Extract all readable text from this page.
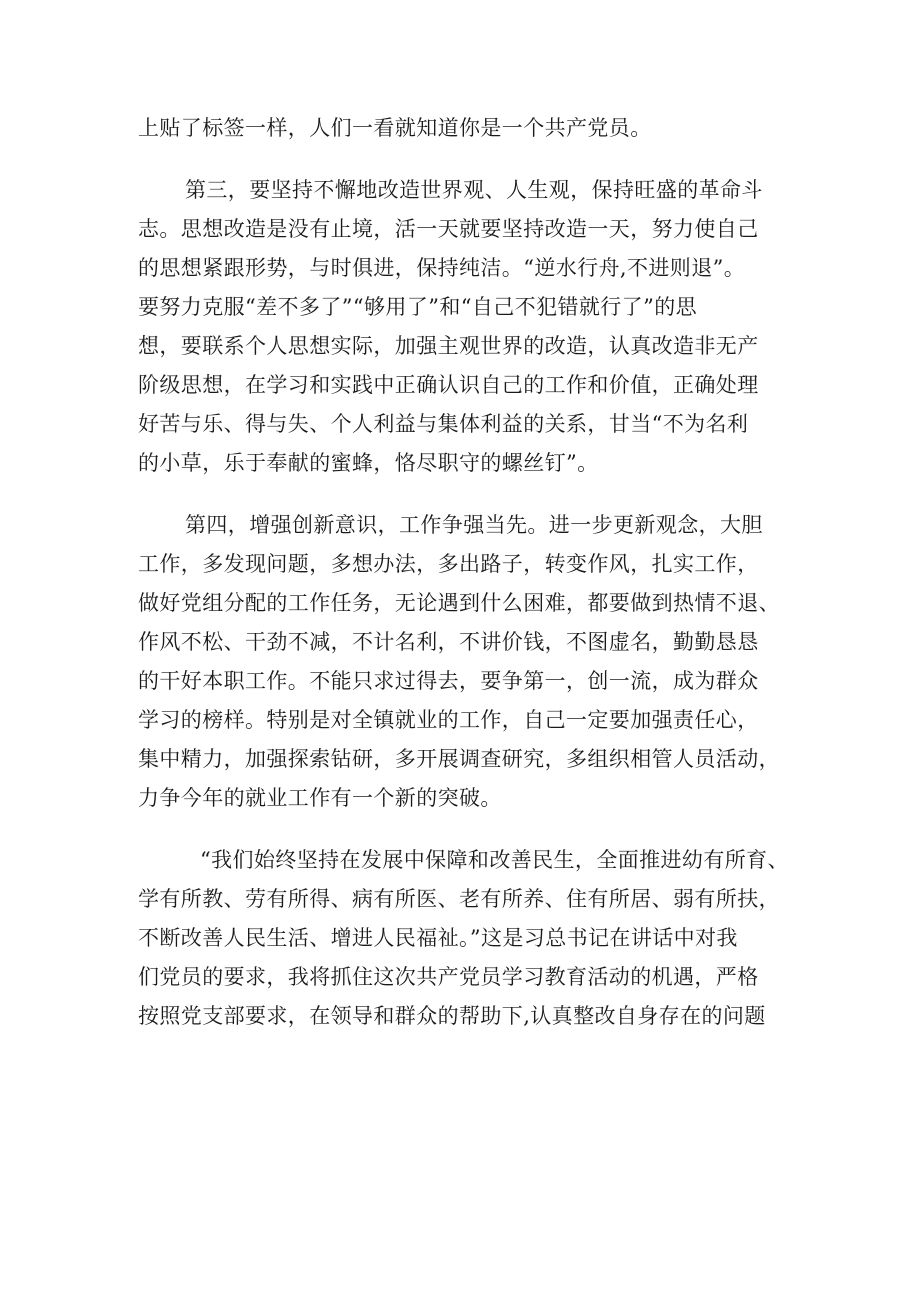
上贴了标签一样，人们一看就知道你是一个共产党员。
第三，要坚持不懈地改造世界观、人生观，保持旺盛的革命斗
志。思想改造是没有止境，活一天就要坚持改造一天，努力使自己
的思想紧跟形势，与时俱进，保持纯洁。“逆水行舟,不进则退”。
要努力克服“差不多了”“够用了”和“自己不犯错就行了”的思
想，要联系个人思想实际，加强主观世界的改造，认真改造非无产
阶级思想，在学习和实践中正确认识自己的工作和价值，正确处理
好苦与乐、得与失、个人利益与集体利益的关系，甘当“不为名利
的小草，乐于奉献的蜜蜂，恪尽职守的螺丝钉”。
第四，增强创新意识，工作争强当先。进一步更新观念，大胆
工作，多发现问题，多想办法，多出路子，转变作风，扎实工作，
做好党组分配的工作任务，无论遇到什么困难，都要做到热情不退、
作风不松、干劲不减，不计名利，不讲价钱，不图虚名，勤勤恳恳
的干好本职工作。不能只求过得去，要争第一，创一流，成为群众
学习的榜样。特别是对全镇就业的工作，自己一定要加强责任心，
集中精力，加强探索钻研，多开展调查研究，多组织相管人员活动，
力争今年的就业工作有一个新的突破。
“我们始终坚持在发展中保障和改善民生，全面推进幼有所育、
学有所教、劳有所得、病有所医、老有所养、住有所居、弱有所扶，
不断改善人民生活、增进人民福祉。”这是习总书记在讲话中对我
们党员的要求，我将抓住这次共产党员学习教育活动的机遇，严格
按照党支部要求，在领导和群众的帮助下,认真整改自身存在的问题
